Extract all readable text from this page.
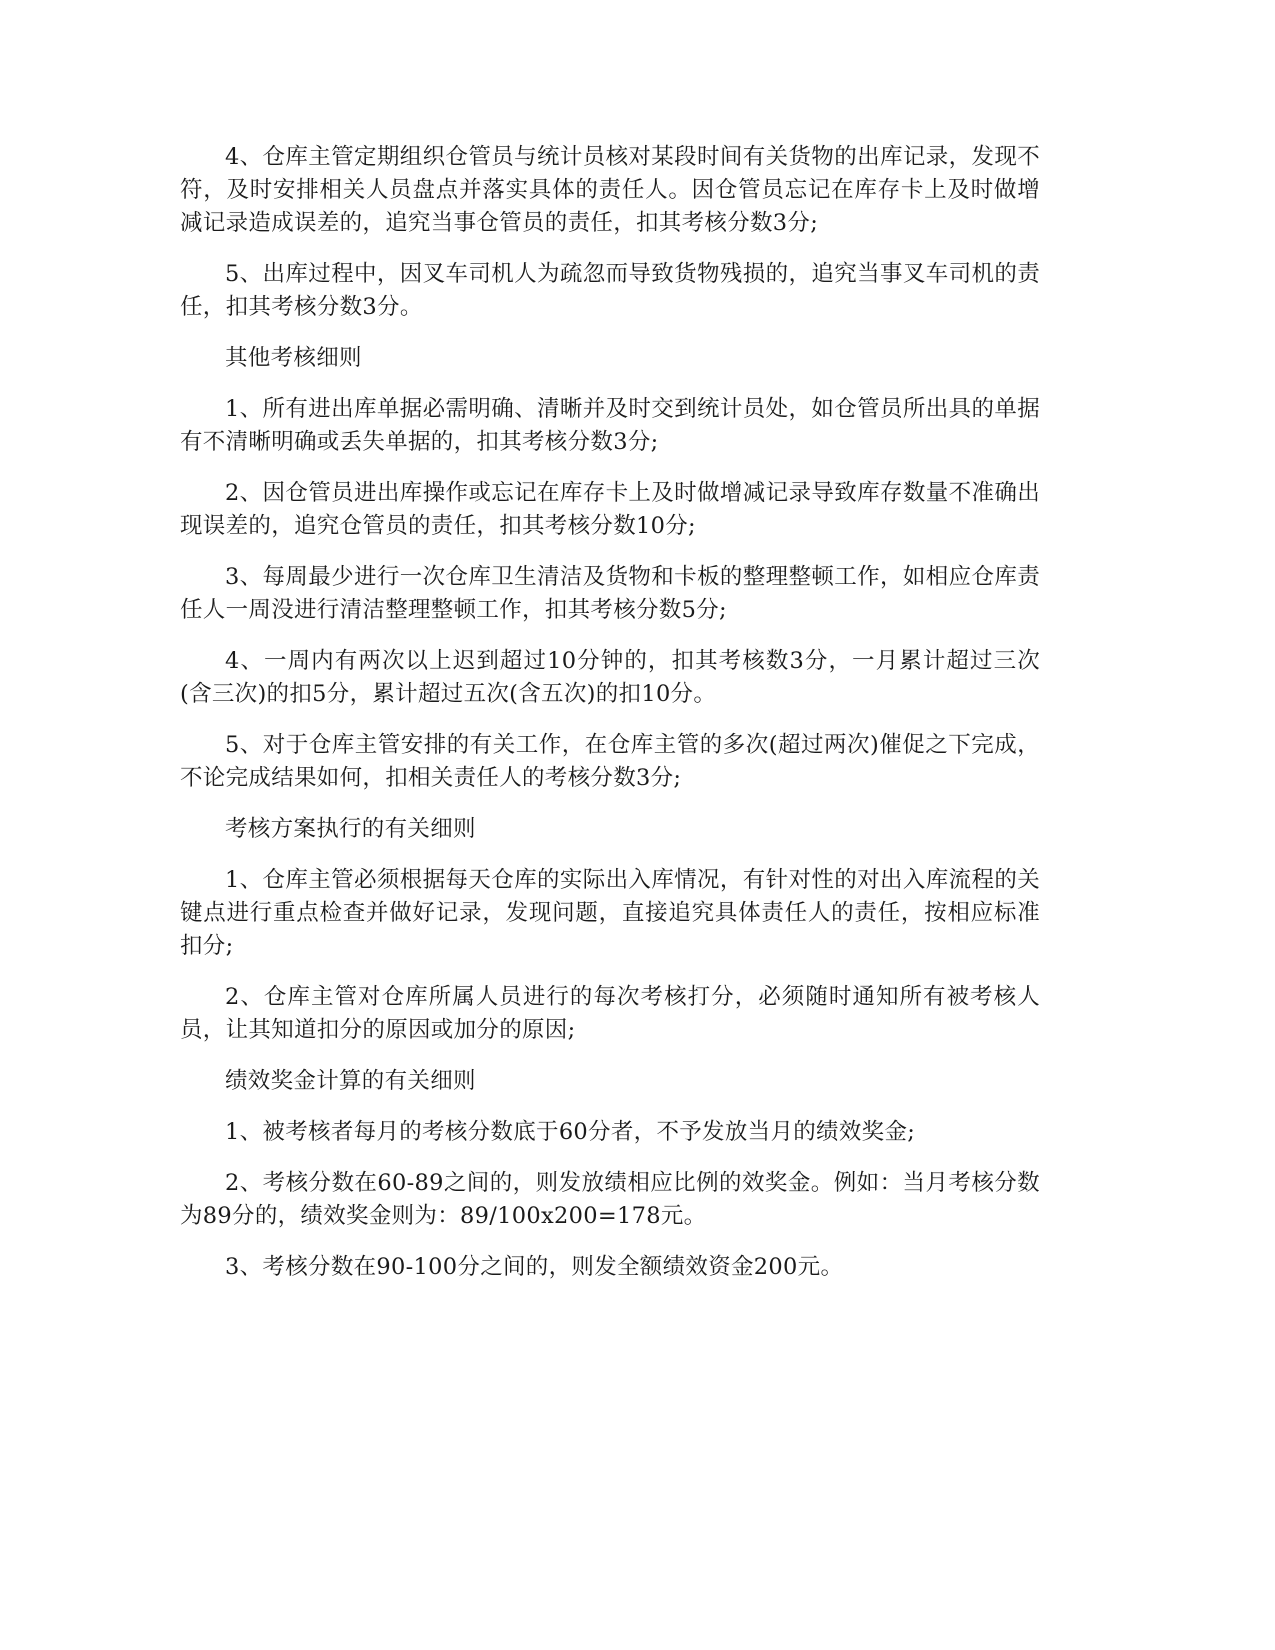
4、仓库主管定期组织仓管员与统计员核对某段时间有关货物的出库记录，发现不符，及时安排相关人员盘点并落实具体的责任人。因仓管员忘记在库存卡上及时做增减记录造成误差的，追究当事仓管员的责任，扣其考核分数3分;

5、出库过程中，因叉车司机人为疏忽而导致货物残损的，追究当事叉车司机的责任，扣其考核分数3分。

其他考核细则

1、所有进出库单据必需明确、清晰并及时交到统计员处，如仓管员所出具的单据有不清晰明确或丢失单据的，扣其考核分数3分;

2、因仓管员进出库操作或忘记在库存卡上及时做增减记录导致库存数量不准确出现误差的，追究仓管员的责任，扣其考核分数10分;

3、每周最少进行一次仓库卫生清洁及货物和卡板的整理整顿工作，如相应仓库责任人一周没进行清洁整理整顿工作，扣其考核分数5分;

4、一周内有两次以上迟到超过10分钟的，扣其考核数3分，一月累计超过三次(含三次)的扣5分，累计超过五次(含五次)的扣10分。

5、对于仓库主管安排的有关工作，在仓库主管的多次(超过两次)催促之下完成，不论完成结果如何，扣相关责任人的考核分数3分;

考核方案执行的有关细则

1、仓库主管必须根据每天仓库的实际出入库情况，有针对性的对出入库流程的关键点进行重点检查并做好记录，发现问题，直接追究具体责任人的责任，按相应标准扣分;

2、仓库主管对仓库所属人员进行的每次考核打分，必须随时通知所有被考核人员，让其知道扣分的原因或加分的原因;

绩效奖金计算的有关细则

1、被考核者每月的考核分数底于60分者，不予发放当月的绩效奖金;

2、考核分数在60-89之间的，则发放绩相应比例的效奖金。例如：当月考核分数为89分的，绩效奖金则为：89/100x200=178元。

3、考核分数在90-100分之间的，则发全额绩效资金200元。
